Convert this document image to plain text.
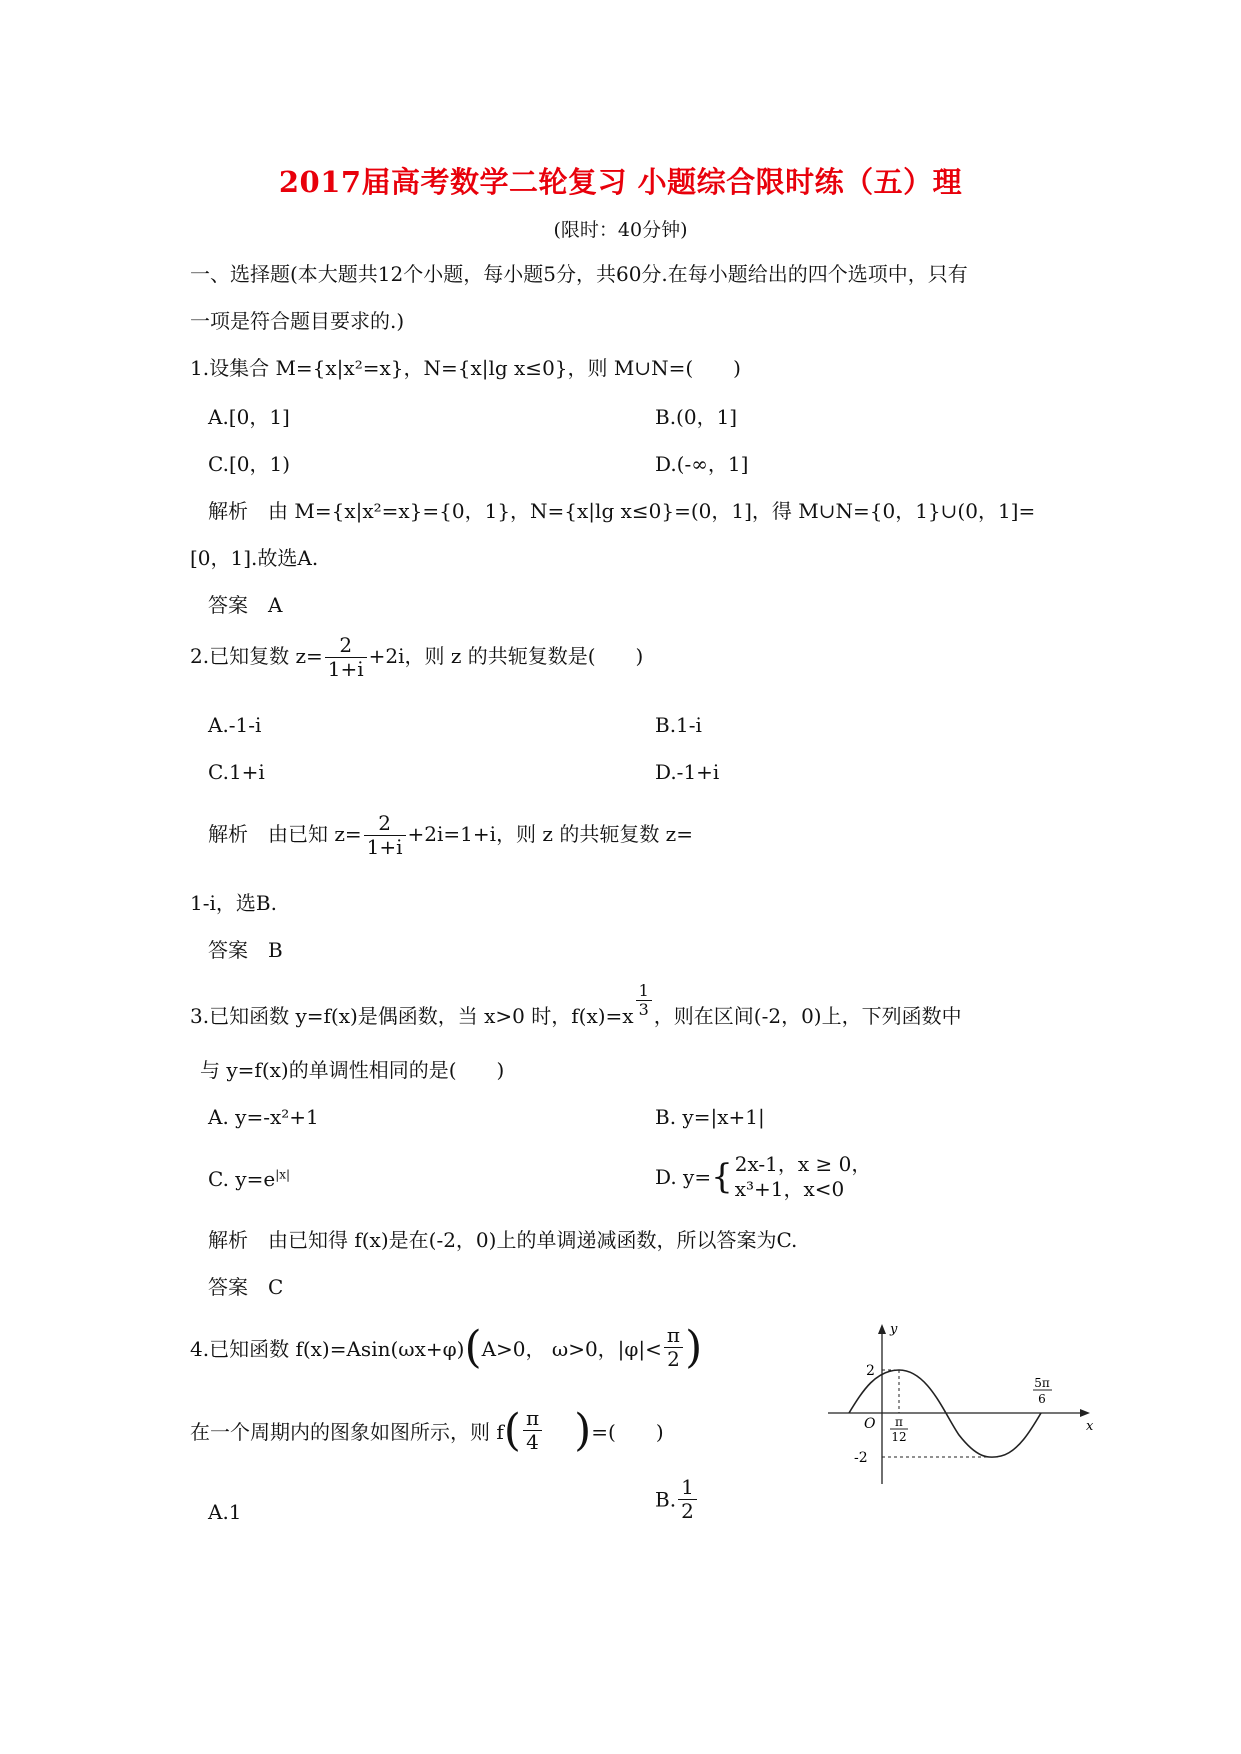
2017届高考数学二轮复习 小题综合限时练（五）理
(限时：40分钟)
一、选择题(本大题共12个小题，每小题5分，共60分.在每小题给出的四个选项中，只有
一项是符合题目要求的.)
1.设集合 M={x|x²=x}，N={x|lg x≤0}，则 M∪N=(　　)
A.[0，1]	B.(0，1]
C.[0，1)	D.(-∞，1]
解析　由 M={x|x²=x}={0，1}，N={x|lg x≤0}=(0，1]，得 M∪N={0，1}∪(0，1]=
[0，1].故选A.
答案　A
2.已知复数 $z= \frac{2}{1+i} +2i$，则 z 的共轭复数是(　　)
A.-1-i	B.1-i
C.1+i	D.-1+i
解析　由已知 $z= \frac{2}{1+i} +2i=1+i$，则 z 的共轭复数 z=
1-i，选B.
答案　B
3.已知函数 y=f(x)是偶函数，当 x>0 时，$f(x)=x \frac{1}{3}$ ，则在区间(-2，0)上，下列函数中
与 y=f(x)的单调性相同的是(　　)
A. y=-x²+1	B. y=|x+1|
C. $y=e^{|x|}$	D. y={ 2x-1，x ≥ 0，
x³+1，x<0
解析　由已知得 f(x)是在(-2，0)上的单调递减函数，所以答案为C.
答案　C
4.已知函数 f(x)=Asin(ωx+φ)(A>0， ω>0，$|\varphi|< \frac{\pi}{2}$ )
在一个周期内的图象如图所示，则 $f( \frac{\pi}{4}$ )=(　　)
A.1
B. $\frac{1}{2}$
y
x
O
2
-2
π
12
5π
6
